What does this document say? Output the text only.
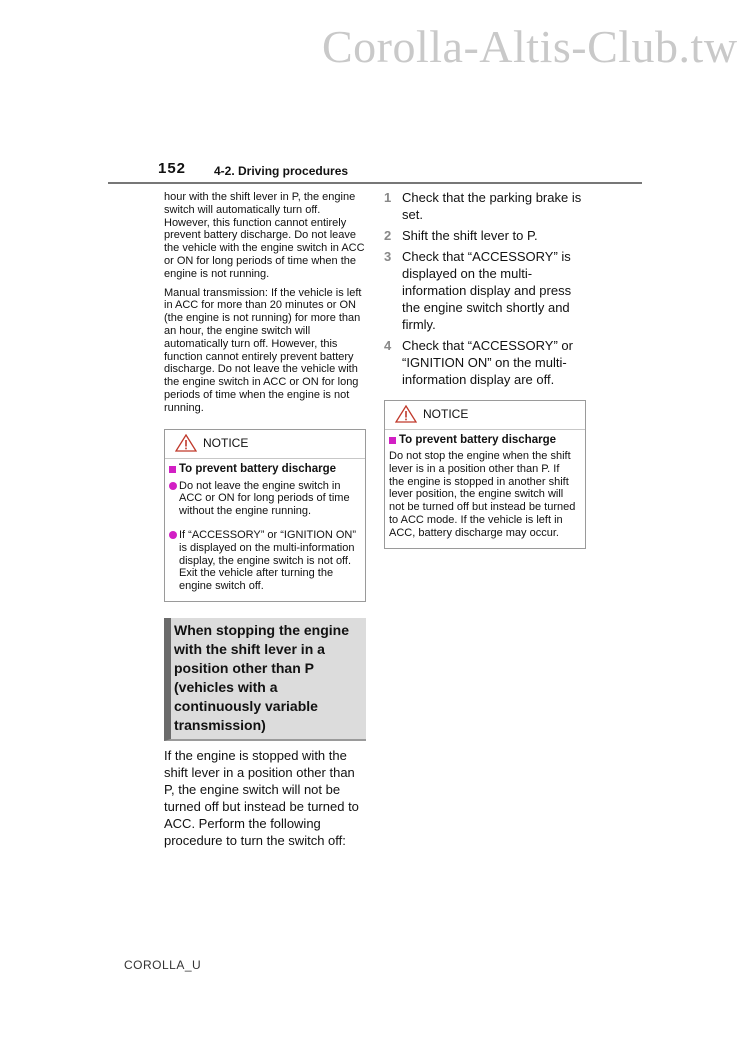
Corolla-Altis-Club.tw
152 4-2. Driving procedures

hour with the shift lever in P, the engine switch will automatically turn off. However, this function cannot entirely prevent battery discharge. Do not leave the vehicle with the engine switch in ACC or ON for long periods of time when the engine is not running.

Manual transmission: If the vehicle is left in ACC for more than 20 minutes or ON (the engine is not running) for more than an hour, the engine switch will automatically turn off. However, this function cannot entirely prevent battery discharge. Do not leave the vehicle with the engine switch in ACC or ON for long periods of time when the engine is not running.

NOTICE
To prevent battery discharge
Do not leave the engine switch in ACC or ON for long periods of time without the engine running.
If “ACCESSORY” or “IGNITION ON” is displayed on the multi-information display, the engine switch is not off. Exit the vehicle after turning the engine switch off.
When stopping the engine with the shift lever in a position other than P (vehicles with a continuously variable transmission)

If the engine is stopped with the shift lever in a position other than P, the engine switch will not be turned off but instead be turned to ACC. Perform the following procedure to turn the switch off:

1 Check that the parking brake is set.
2 Shift the shift lever to P.
3 Check that “ACCESSORY” is displayed on the multi-information display and press the engine switch shortly and firmly.
4 Check that “ACCESSORY” or “IGNITION ON” on the multi-information display are off.
NOTICE
To prevent battery discharge
Do not stop the engine when the shift lever is in a position other than P. If the engine is stopped in another shift lever position, the engine switch will not be turned off but instead be turned to ACC mode. If the vehicle is left in ACC, battery discharge may occur.
COROLLA_U
